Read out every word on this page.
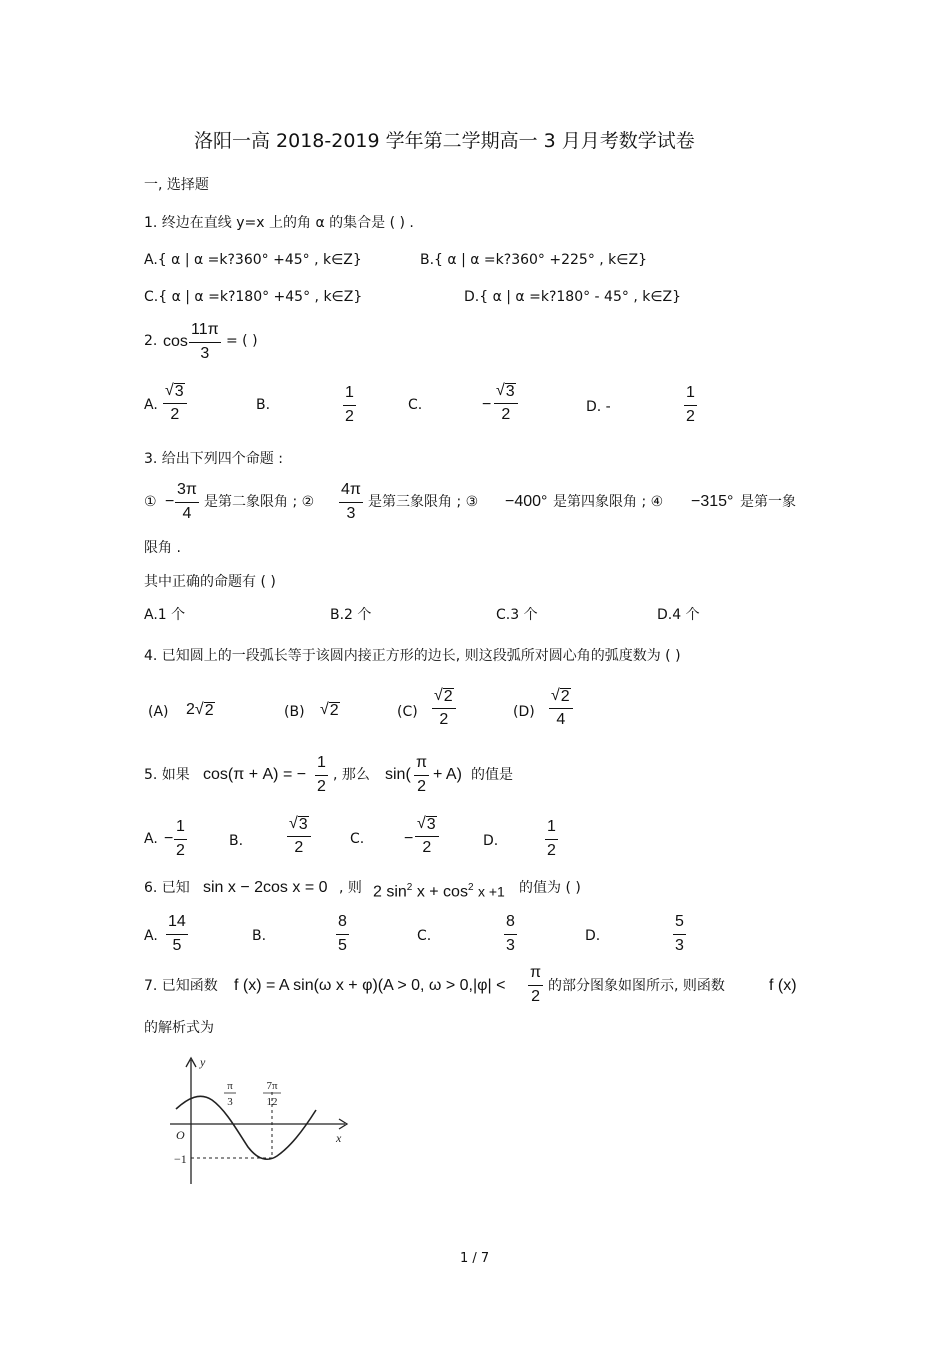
洛阳一高 2018-2019 学年第二学期高一 3 月月考数学试卷
一, 选择题
1. 终边在直线 y=x 上的角 α 的集合是 ( ) .
A.{ α | α =k?360° +45° , k∈Z}	B.{ α | α =k?360° +225° , k∈Z}
C.{ α | α =k?180° +45° , k∈Z}	D.{ α | α =k?180° - 45° , k∈Z}
2. cos
11π
3
= ( )
A.
√ 3
2
B.
1
2
C.	−
√ 3
2	D. -
1
2
3. 给出下列四个命题 :
① −
3π
4
是第二象限角 ; ②
4π
3
是第三象限角 ; ③ −400° 是第四象限角 ; ④ −315° 是第一象
限角 .
其中正确的命题有 ( )
A.1 个	B.2 个	C.3 个	D.4 个
4. 已知圆上的一段弧长等于该圆内接正方形的边长, 则这段弧所对圆心角的弧度数为 ( )
(A) 2 √ 2	(B) √ 2	(C)
√ 2
2	(D)
√ 2
4
5. 如果 cos(π + A) = −
1
2
, 那么 sin(
π
2
+ A) 的值是
A. −
1
2
B.
√ 3
2	C. −
√ 3
2	D.
1
2
6. 已知 sin x − 2cos x = 0 , 则 2 $\sin^2 x + \cos^2 x +1$ 的值为 ( )
A.
14
5
B.
8
5
C.
8
3
D.
5
3
7. 已知函数 f (x) = A sin(ω x + φ)(A > 0, ω > 0,|φ| <
π
2
的部分图象如图所示, 则函数	f (x)
的解析式为
y
x
O
−1
π
3
7π
12
1 / 7
